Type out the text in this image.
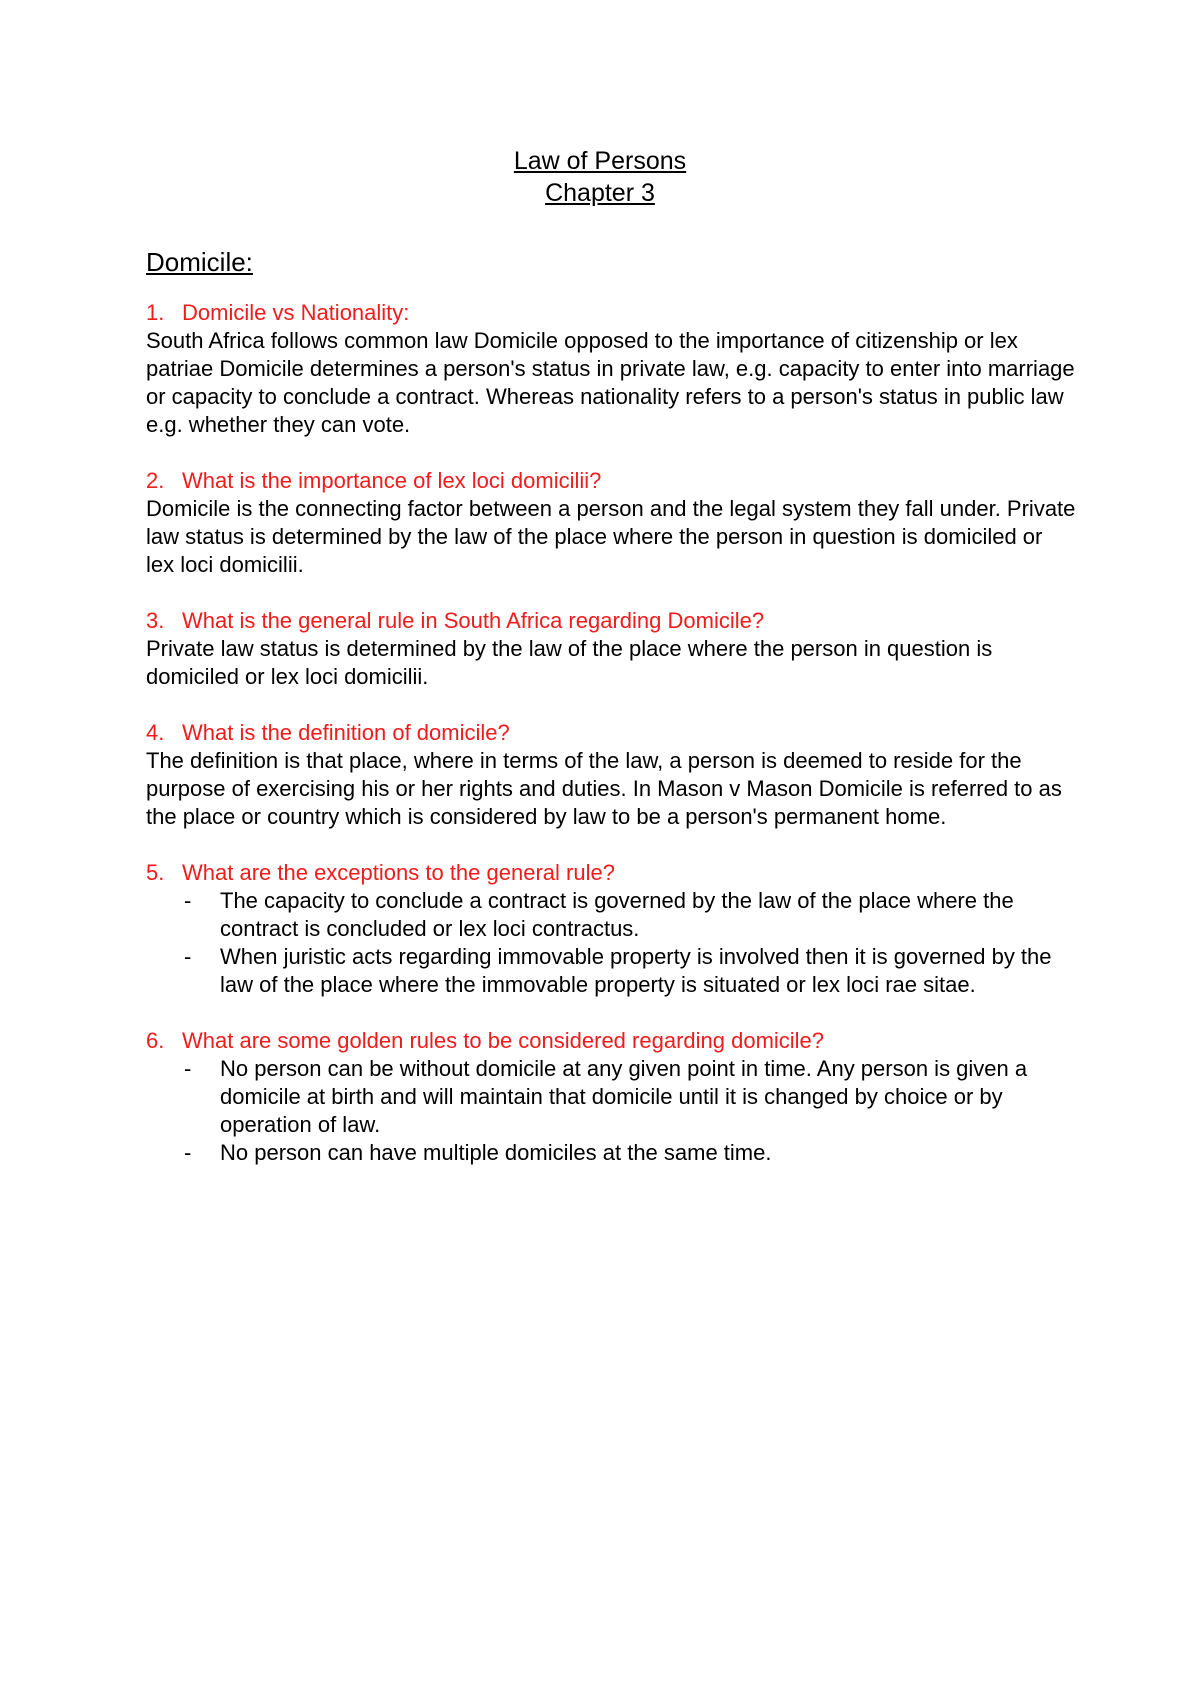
Law of Persons
Chapter 3
Domicile:
1. Domicile vs Nationality:

South Africa follows common law Domicile opposed to the importance of citizenship or lex patriae Domicile determines a person's status in private law, e.g. capacity to enter into marriage or capacity to conclude a contract. Whereas nationality refers to a person's status in public law e.g. whether they can vote.

2. What is the importance of lex loci domicilii?

Domicile is the connecting factor between a person and the legal system they fall under. Private law status is determined by the law of the place where the person in question is domiciled or lex loci domicilii.

3. What is the general rule in South Africa regarding Domicile?

Private law status is determined by the law of the place where the person in question is domiciled or lex loci domicilii.

4. What is the definition of domicile?

The definition is that place, where in terms of the law, a person is deemed to reside for the purpose of exercising his or her rights and duties. In Mason v Mason Domicile is referred to as the place or country which is considered by law to be a person's permanent home.

5. What are the exceptions to the general rule?
-	The capacity to conclude a contract is governed by the law of the place where the contract is concluded or lex loci contractus.
-	When juristic acts regarding immovable property is involved then it is governed by the law of the place where the immovable property is situated or lex loci rae sitae.
6. What are some golden rules to be considered regarding domicile?
-	No person can be without domicile at any given point in time. Any person is given a domicile at birth and will maintain that domicile until it is changed by choice or by operation of law.
-	No person can have multiple domiciles at the same time.
